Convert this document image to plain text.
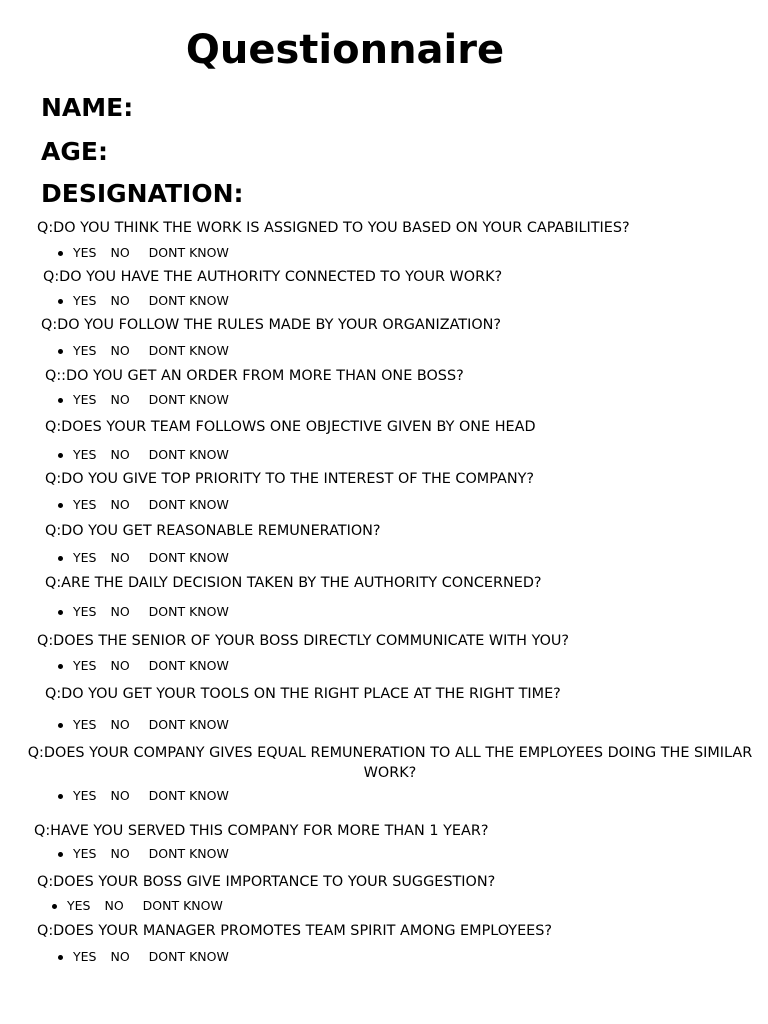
Questionnaire
NAME:
AGE:
DESIGNATION:
Q:DO YOU THINK THE WORK IS ASSIGNED TO YOU BASED ON YOUR CAPABILITIES?
YES NO DONT KNOW
Q:DO YOU HAVE THE AUTHORITY CONNECTED TO YOUR WORK?
YES NO DONT KNOW
Q:DO YOU FOLLOW THE RULES MADE BY YOUR ORGANIZATION?
YES NO DONT KNOW
Q::DO YOU GET AN ORDER FROM MORE THAN ONE BOSS?
YES NO DONT KNOW
Q:DOES YOUR TEAM FOLLOWS ONE OBJECTIVE GIVEN BY ONE HEAD
YES NO DONT KNOW
Q:DO YOU GIVE TOP PRIORITY TO THE INTEREST OF THE COMPANY?
YES NO DONT KNOW
Q:DO YOU GET REASONABLE REMUNERATION?
YES NO DONT KNOW
Q:ARE THE DAILY DECISION TAKEN BY THE AUTHORITY CONCERNED?
YES NO DONT KNOW
Q:DOES THE SENIOR OF YOUR BOSS DIRECTLY COMMUNICATE WITH YOU?
YES NO DONT KNOW
Q:DO YOU GET YOUR TOOLS ON THE RIGHT PLACE AT THE RIGHT TIME?
YES NO DONT KNOW
Q:DOES YOUR COMPANY GIVES EQUAL REMUNERATION TO ALL THE EMPLOYEES DOING THE SIMILAR WORK?
YES NO DONT KNOW
Q:HAVE YOU SERVED THIS COMPANY FOR MORE THAN 1 YEAR?
YES NO DONT KNOW
Q:DOES YOUR BOSS GIVE IMPORTANCE TO YOUR SUGGESTION?
YES NO DONT KNOW
Q:DOES YOUR MANAGER PROMOTES TEAM SPIRIT AMONG EMPLOYEES?
YES NO DONT KNOW
